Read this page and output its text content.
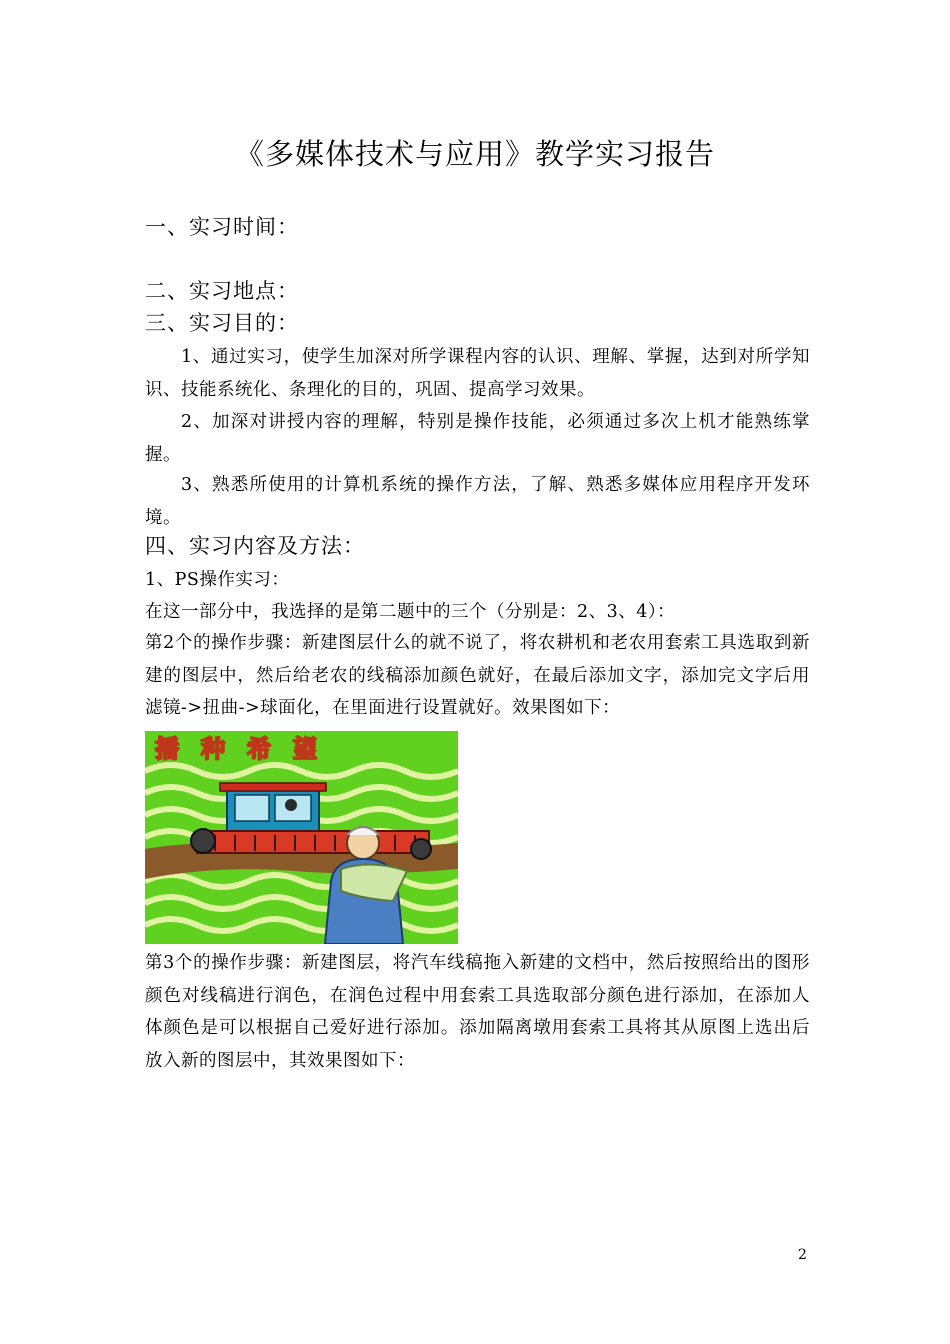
《多媒体技术与应用》教学实习报告
一、实习时间：
二、实习地点：
三、实习目的：
1、通过实习，使学生加深对所学课程内容的认识、理解、掌握，达到对所学知识、技能系统化、条理化的目的，巩固、提高学习效果。
2、加深对讲授内容的理解，特别是操作技能，必须通过多次上机才能熟练掌握。
3、熟悉所使用的计算机系统的操作方法，了解、熟悉多媒体应用程序开发环境。
四、实习内容及方法：
1、PS操作实习：
在这一部分中，我选择的是第二题中的三个（分别是：2、3、4）：
第2个的操作步骤：新建图层什么的就不说了，将农耕机和老农用套索工具选取到新建的图层中，然后给老农的线稿添加颜色就好，在最后添加文字，添加完文字后用滤镜->扭曲->球面化，在里面进行设置就好。效果图如下：
播种希望
第3个的操作步骤：新建图层，将汽车线稿拖入新建的文档中，然后按照给出的图形颜色对线稿进行润色，在润色过程中用套索工具选取部分颜色进行添加，在添加人体颜色是可以根据自己爱好进行添加。添加隔离墩用套索工具将其从原图上选出后放入新的图层中，其效果图如下：
2
